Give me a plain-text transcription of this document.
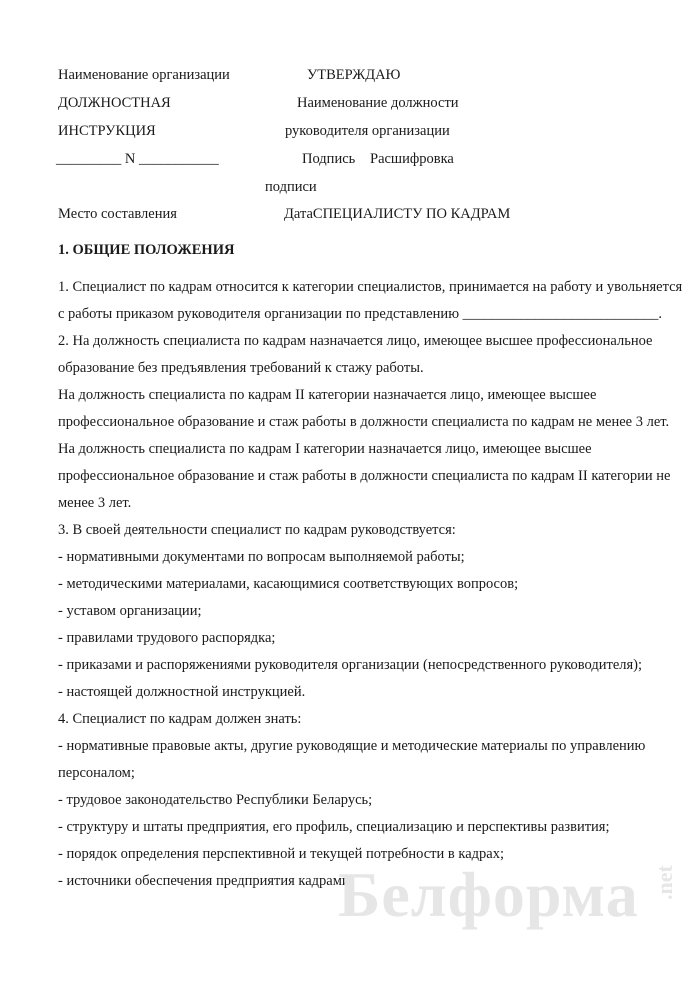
Наименование организации	УТВЕРЖДАЮ
ДОЛЖНОСТНАЯ	Наименование должности
ИНСТРУКЦИЯ	руководителя организации
_________ N ___________	Подпись Расшифровка
подписи
Место составления	ДатаСПЕЦИАЛИСТУ ПО КАДРАМ
1. ОБЩИЕ ПОЛОЖЕНИЯ
1. Специалист по кадрам относится к категории специалистов, принимается на работу и увольняется
с работы приказом руководителя организации по представлению ___________________________.
2. На должность специалиста по кадрам назначается лицо, имеющее высшее профессиональное
образование без предъявления требований к стажу работы.
На должность специалиста по кадрам II категории назначается лицо, имеющее высшее
профессиональное образование и стаж работы в должности специалиста по кадрам не менее 3 лет.
На должность специалиста по кадрам I категории назначается лицо, имеющее высшее
профессиональное образование и стаж работы в должности специалиста по кадрам II категории не
менее 3 лет.
3. В своей деятельности специалист по кадрам руководствуется:
- нормативными документами по вопросам выполняемой работы;
- методическими материалами, касающимися соответствующих вопросов;
- уставом организации;
- правилами трудового распорядка;
- приказами и распоряжениями руководителя организации (непосредственного руководителя);
- настоящей должностной инструкцией.
4. Специалист по кадрам должен знать:
- нормативные правовые акты, другие руководящие и методические материалы по управлению
персоналом;
- трудовое законодательство Республики Беларусь;
- структуру и штаты предприятия, его профиль, специализацию и перспективы развития;
- порядок определения перспективной и текущей потребности в кадрах;
- источники обеспечения предприятия кадрами;
Белформа .net
